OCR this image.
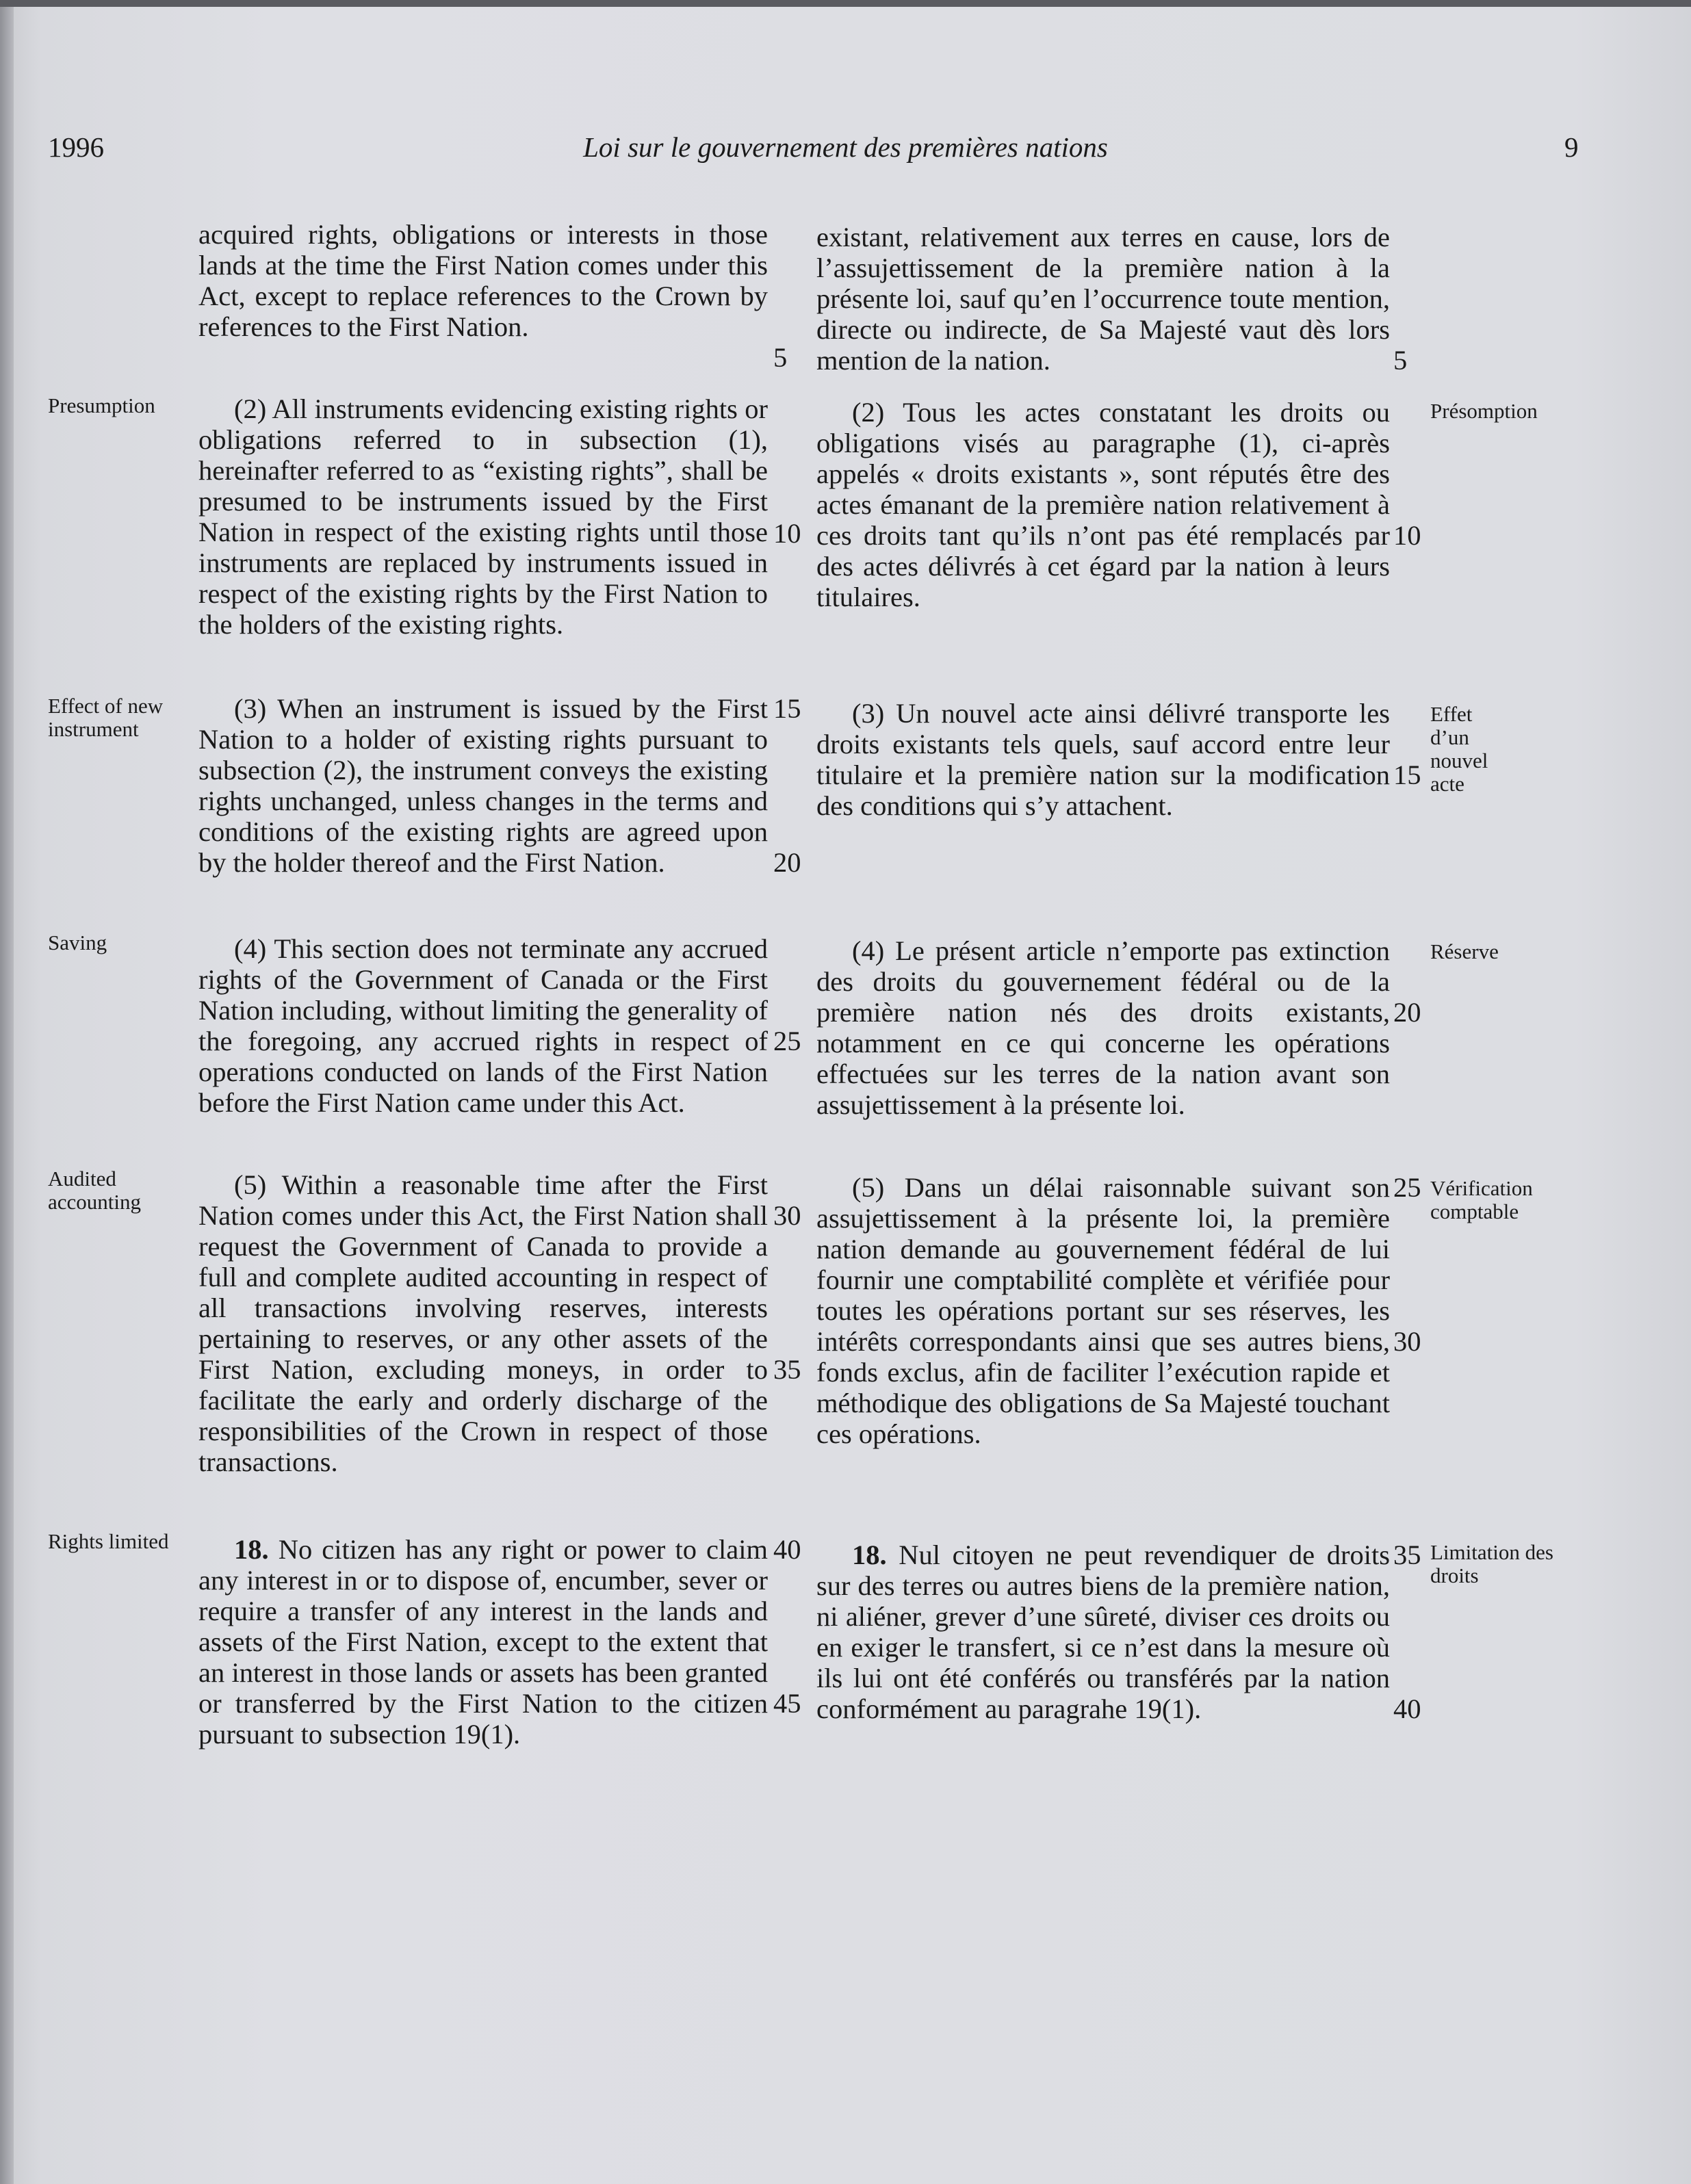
1996	Loi sur le gouvernement des premières nations	9
Presumption
Effect of new instrument
Saving
Audited accounting
Rights limited
Présomption
Effet d’un nouvel acte
Réserve
Vérification comptable
Limitation des droits

acquired rights, obligations or interests in those lands at the time the First Nation comes under this Act, except to replace references to the Crown by references to the First Nation.

(2) All instruments evidencing existing rights or obligations referred to in subsection (1), hereinafter referred to as “existing rights”, shall be presumed to be instruments issued by the First Nation in respect of the existing rights until those instruments are replaced by instruments issued in respect of the existing rights by the First Nation to the holders of the existing rights.

(3) When an instrument is issued by the First Nation to a holder of existing rights pursuant to subsection (2), the instrument conveys the existing rights unchanged, unless changes in the terms and conditions of the existing rights are agreed upon by the holder thereof and the First Nation.

(4) This section does not terminate any accrued rights of the Government of Canada or the First Nation including, without limiting the generality of the foregoing, any accrued rights in respect of operations conducted on lands of the First Nation before the First Nation came under this Act.

(5) Within a reasonable time after the First Nation comes under this Act, the First Nation shall request the Government of Canada to provide a full and complete audited accounting in respect of all transactions involving reserves, interests pertaining to reserves, or any other assets of the First Nation, excluding moneys, in order to facilitate the early and orderly discharge of the responsibilities of the Crown in respect of those transactions.

18. No citizen has any right or power to claim any interest in or to dispose of, encumber, sever or require a transfer of any interest in the lands and assets of the First Nation, except to the extent that an interest in those lands or assets has been granted or transferred by the First Nation to the citizen pursuant to subsection 19(1).

existant, relativement aux terres en cause, lors de l’assujettissement de la première nation à la présente loi, sauf qu’en l’occurrence toute mention, directe ou indirecte, de Sa Majesté vaut dès lors mention de la nation.

(2) Tous les actes constatant les droits ou obligations visés au paragraphe (1), ci-après appelés « droits existants », sont réputés être des actes émanant de la première nation relativement à ces droits tant qu’ils n’ont pas été remplacés par des actes délivrés à cet égard par la nation à leurs titulaires.

(3) Un nouvel acte ainsi délivré transporte les droits existants tels quels, sauf accord entre leur titulaire et la première nation sur la modification des conditions qui s’y attachent.

(4) Le présent article n’emporte pas extinction des droits du gouvernement fédéral ou de la première nation nés des droits existants, notamment en ce qui concerne les opérations effectuées sur les terres de la nation avant son assujettissement à la présente loi.

(5) Dans un délai raisonnable suivant son assujettissement à la présente loi, la première nation demande au gouvernement fédéral de lui fournir une comptabilité complète et vérifiée pour toutes les opérations portant sur ses réserves, les intérêts correspondants ainsi que ses autres biens, fonds exclus, afin de faciliter l’exécution rapide et méthodique des obligations de Sa Majesté touchant ces opérations.

18. Nul citoyen ne peut revendiquer de droits sur des terres ou autres biens de la première nation, ni aliéner, grever d’une sûreté, diviser ces droits ou en exiger le transfert, si ce n’est dans la mesure où ils lui ont été conférés ou transférés par la nation conformément au paragrahe 19(1).

5
10
15
20
25
30
35
40
45
5
10
15
20
25
30
35
40
